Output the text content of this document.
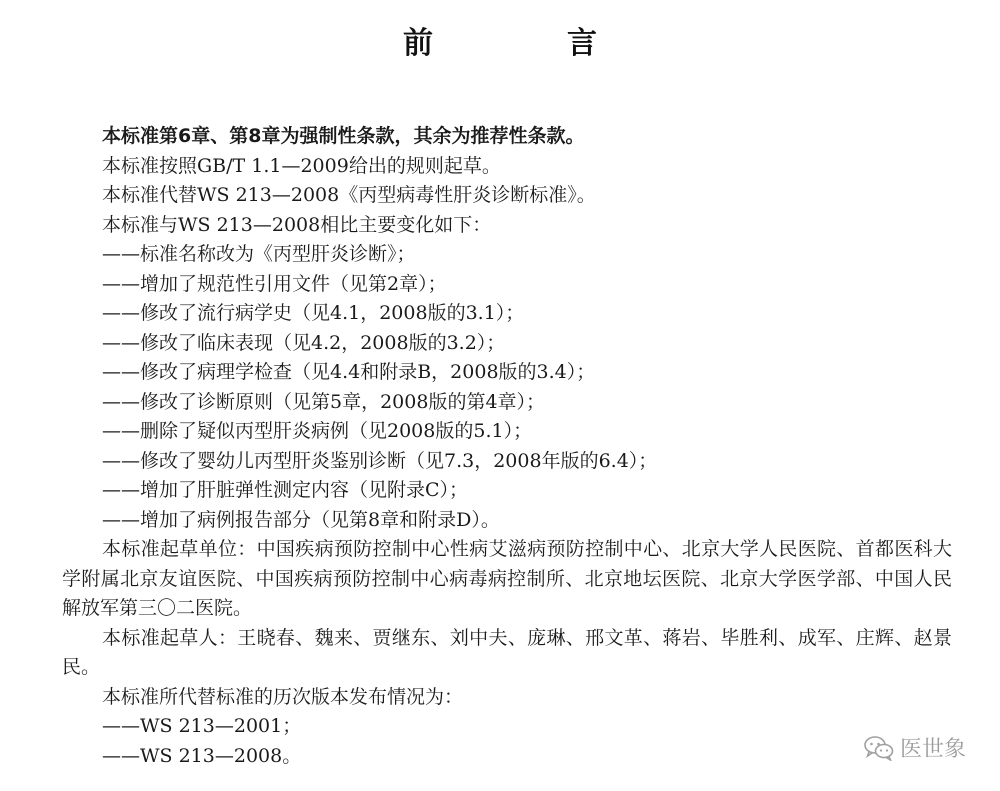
前　言

本标准第6章、第8章为强制性条款，其余为推荐性条款。

本标准按照GB/T 1.1—2009给出的规则起草。

本标准代替WS 213—2008《丙型病毒性肝炎诊断标准》。

本标准与WS 213—2008相比主要变化如下：

——标准名称改为《丙型肝炎诊断》；

——增加了规范性引用文件（见第2章）；

——修改了流行病学史（见4.1，2008版的3.1）；

——修改了临床表现（见4.2，2008版的3.2）；

——修改了病理学检查（见4.4和附录B，2008版的3.4）；

——修改了诊断原则（见第5章，2008版的第4章）；

——删除了疑似丙型肝炎病例（见2008版的5.1）；

——修改了婴幼儿丙型肝炎鉴别诊断（见7.3，2008年版的6.4）；

——增加了肝脏弹性测定内容（见附录C）；

——增加了病例报告部分（见第8章和附录D）。

本标准起草单位：中国疾病预防控制中心性病艾滋病预防控制中心、北京大学人民医院、首都医科大学附属北京友谊医院、中国疾病预防控制中心病毒病控制所、北京地坛医院、北京大学医学部、中国人民解放军第三〇二医院。

本标准起草人：王晓春、魏来、贾继东、刘中夫、庞琳、邢文革、蒋岩、毕胜利、成军、庄辉、赵景民。

本标准所代替标准的历次版本发布情况为：

——WS 213—2001；

——WS 213—2008。	医世象
